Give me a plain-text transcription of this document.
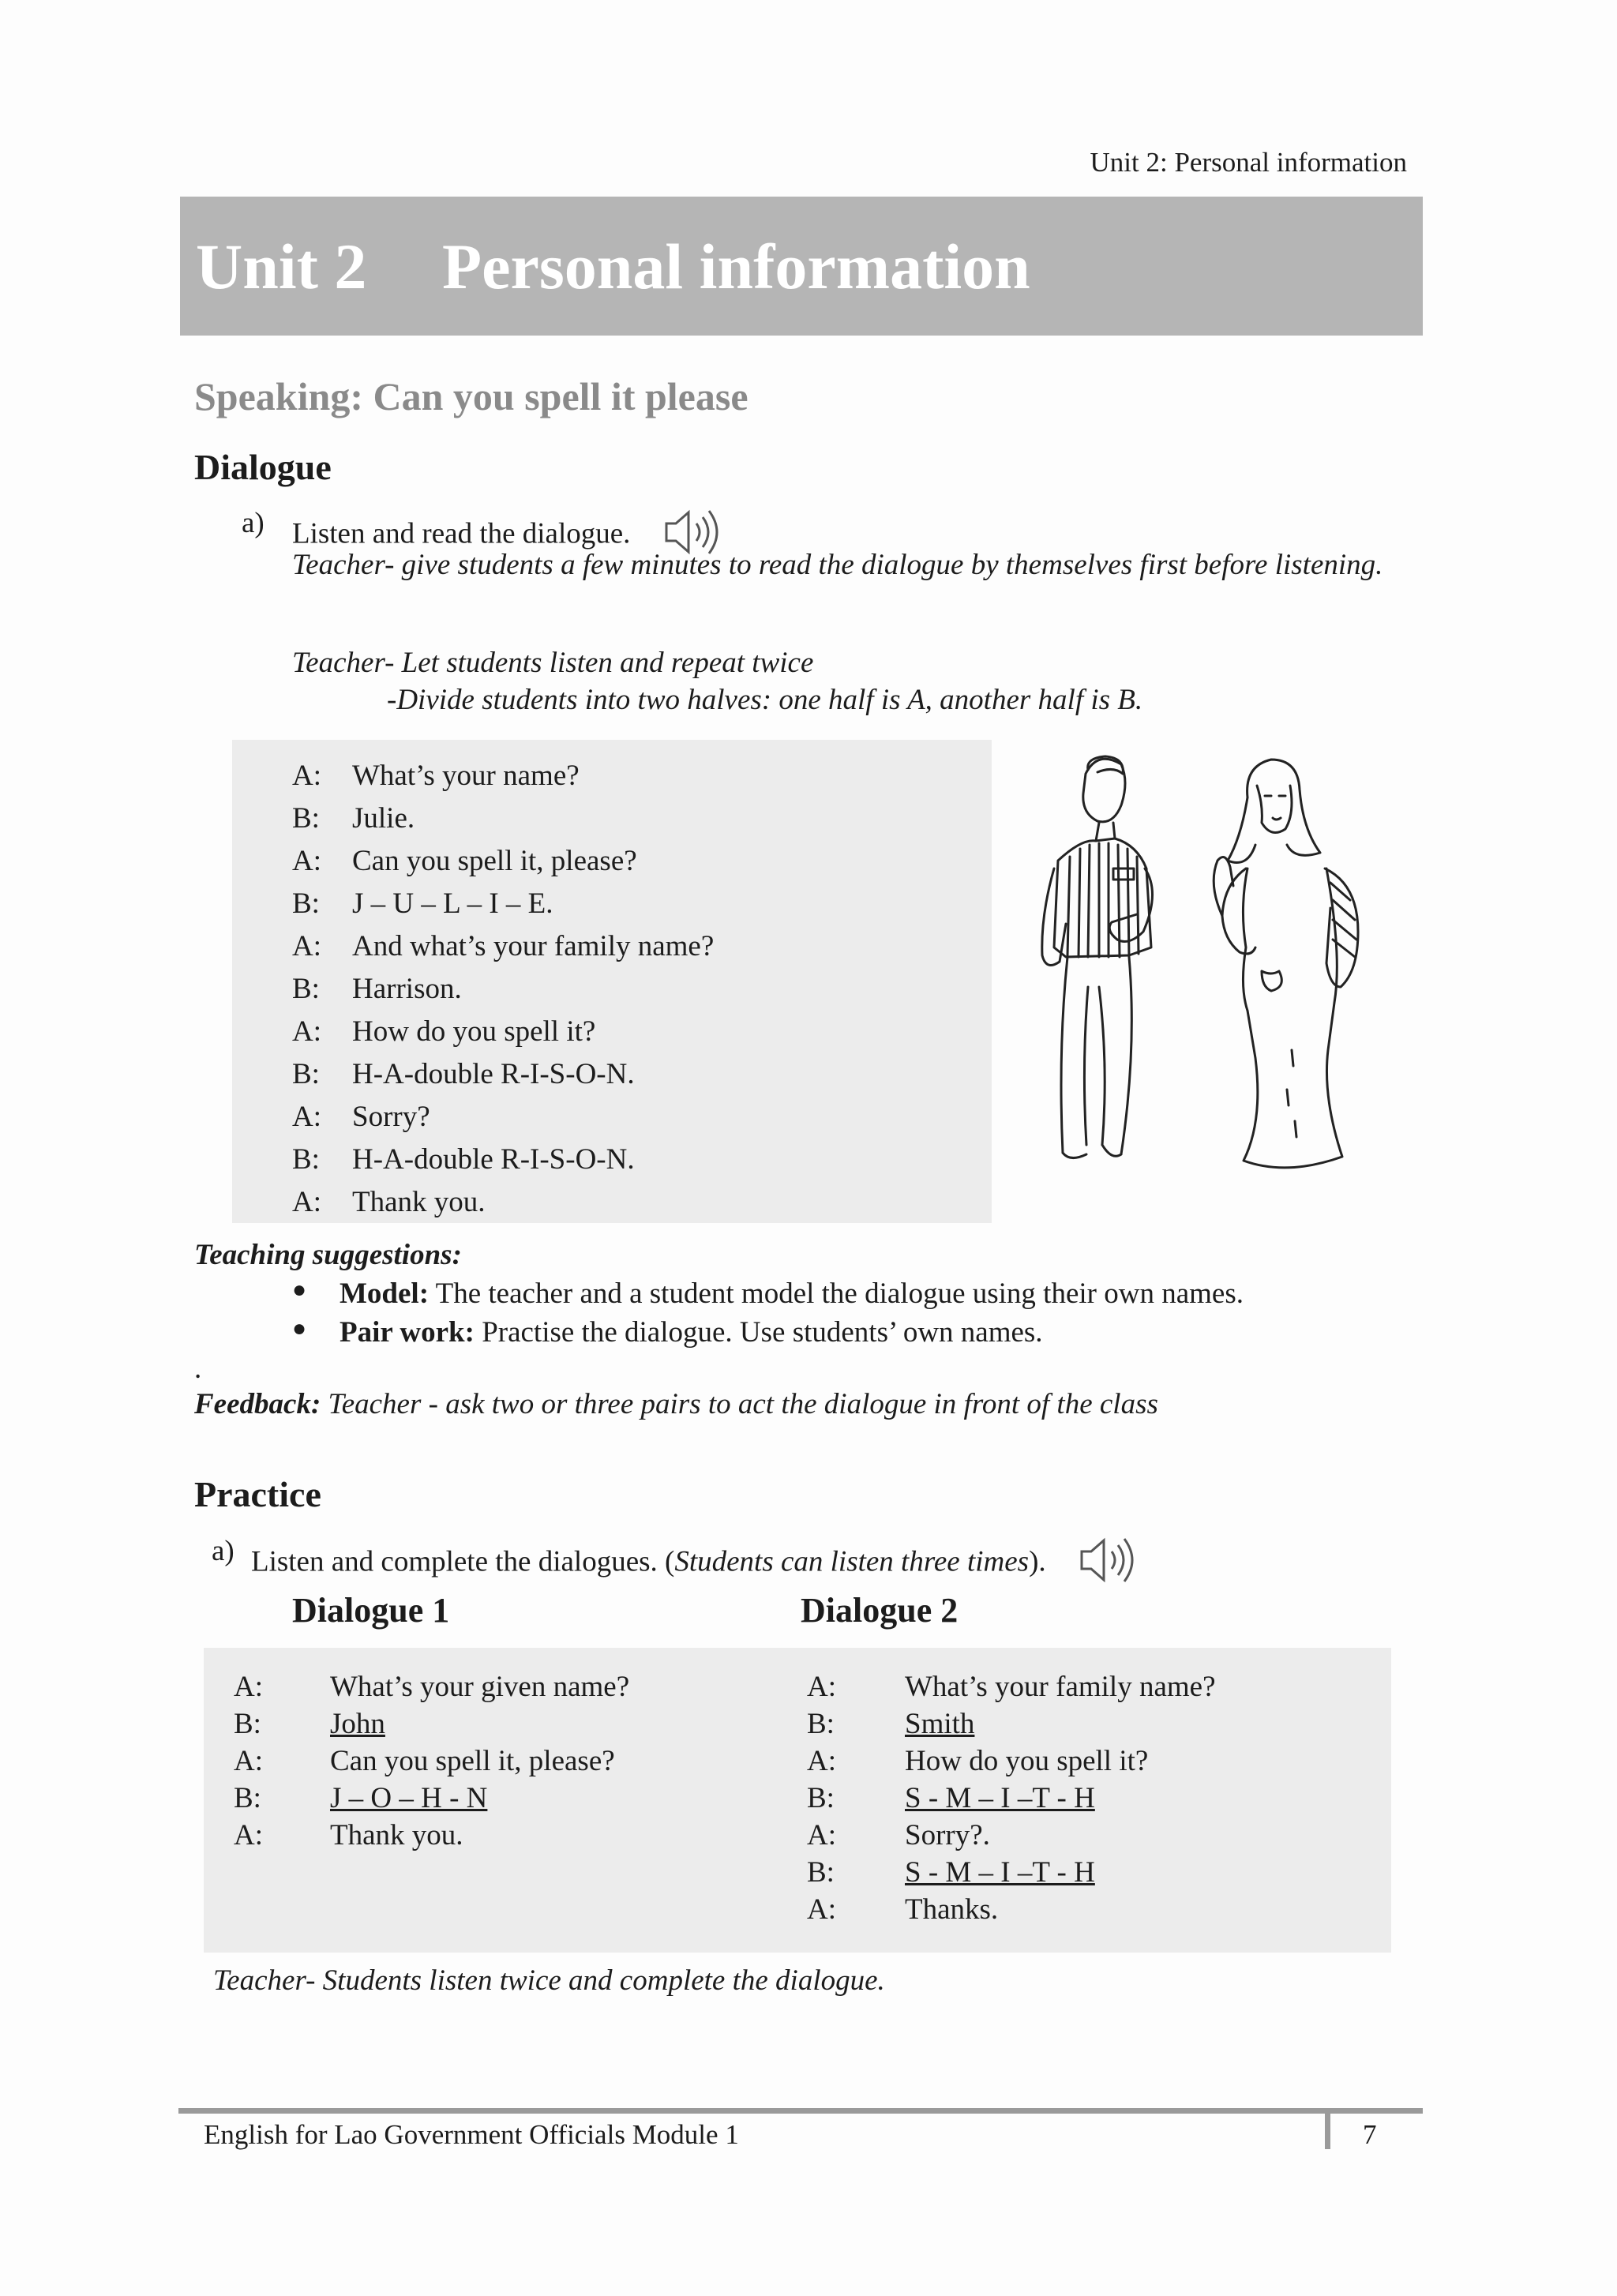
Unit 2: Personal information
Unit 2 Personal information
Speaking: Can you spell it please
Dialogue
a) Listen and read the dialogue.
Teacher- give students a few minutes to read the dialogue by themselves first before listening.
Teacher- Let students listen and repeat twice
-Divide students into two halves: one half is A, another half is B.
A: What’s your name?
B: Julie.
A: Can you spell it, please?
B: J – U – L – I – E.
A: And what’s your family name?
B: Harrison.
A: How do you spell it?
B: H-A-double R-I-S-O-N.
A: Sorry?
B: H-A-double R-I-S-O-N.
A: Thank you.
Teaching suggestions:
● Model: The teacher and a student model the dialogue using their own names.
● Pair work: Practise the dialogue. Use students’ own names.
.
Feedback: Teacher - ask two or three pairs to act the dialogue in front of the class
Practice
a) Listen and complete the dialogues. (Students can listen three times).
Dialogue 1	Dialogue 2
A: What’s your given name?
B: John
A: Can you spell it, please?
B: J – O – H - N
A: Thank you.
A: What’s your family name?
B: Smith
A: How do you spell it?
B: S - M – I –T - H
A: Sorry?.
B: S - M – I –T - H
A: Thanks.
Teacher- Students listen twice and complete the dialogue.
English for Lao Government Officials Module 1	7
